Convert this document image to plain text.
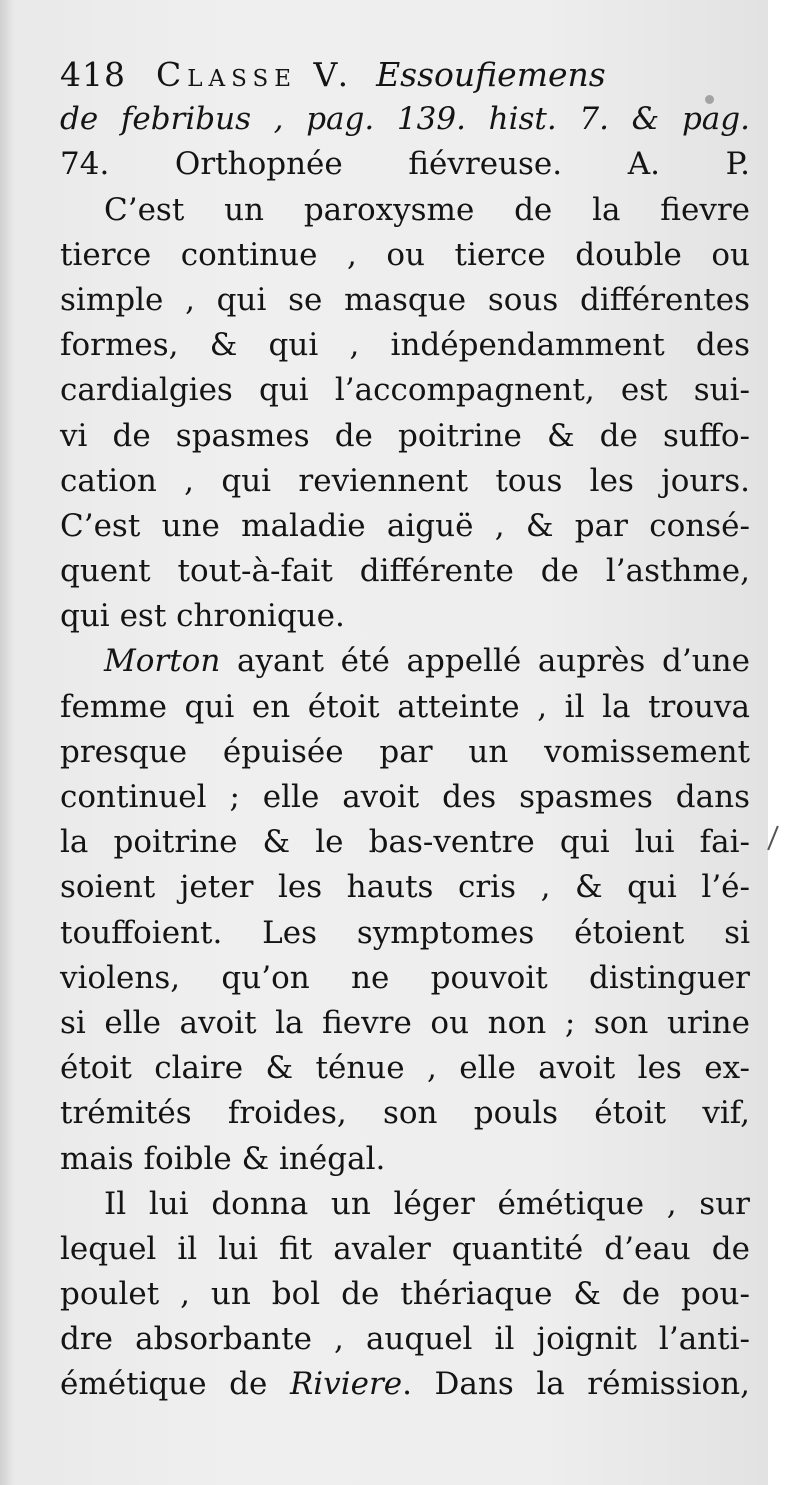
418 Classe V. Essoufiemens
de febribus , pag. 139. hist. 7. & pag.
74. Orthopnée fiévreuse. A. P.
C’est un paroxysme de la fievre
tierce continue , ou tierce double ou
simple , qui se masque sous différentes
formes, & qui , indépendamment des
cardialgies qui l’accompagnent, est sui-
vi de spasmes de poitrine & de suffo-
cation , qui reviennent tous les jours.
C’est une maladie aiguë , & par consé-
quent tout-à-fait différente de l’asthme,
qui est chronique.
Morton ayant été appellé auprès d’une
femme qui en étoit atteinte , il la trouva
presque épuisée par un vomissement
continuel ; elle avoit des spasmes dans
la poitrine & le bas-ventre qui lui fai-
soient jeter les hauts cris , & qui l’é-
touffoient. Les symptomes étoient si
violens, qu’on ne pouvoit distinguer
si elle avoit la fievre ou non ; son urine
étoit claire & ténue , elle avoit les ex-
trémités froides, son pouls étoit vif,
mais foible & inégal.
Il lui donna un léger émétique , sur
lequel il lui fit avaler quantité d’eau de
poulet , un bol de thériaque & de pou-
dre absorbante , auquel il joignit l’anti-
émétique de Riviere. Dans la rémission,
